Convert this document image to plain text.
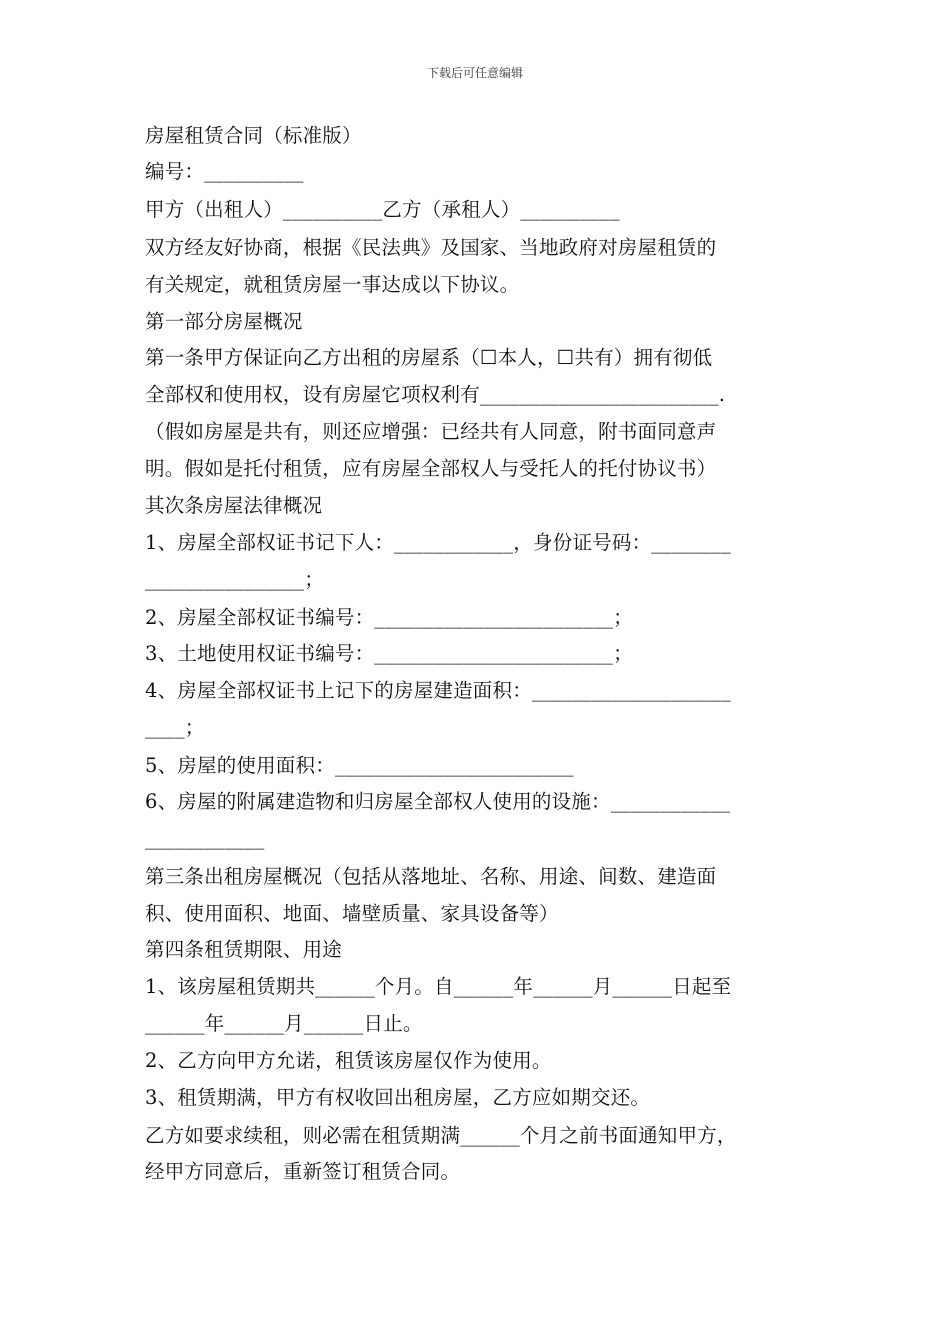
下载后可任意编辑
房屋租赁合同（标准版）
编号：__________
甲方（出租人）__________乙方（承租人）__________
双方经友好协商，根据《民法典》及国家、当地政府对房屋租赁的
有关规定，就租赁房屋一事达成以下协议。
第一部分房屋概况
第一条甲方保证向乙方出租的房屋系（☐本人，☐共有）拥有彻低
全部权和使用权，设有房屋它项权利有________________________.
（假如房屋是共有，则还应增强：已经共有人同意，附书面同意声
明。假如是托付租赁，应有房屋全部权人与受托人的托付协议书）
其次条房屋法律概况
1、房屋全部权证书记下人：____________，身份证号码：________
________________；
2、房屋全部权证书编号：________________________；
3、土地使用权证书编号：________________________；
4、房屋全部权证书上记下的房屋建造面积：____________________
____；
5、房屋的使用面积：________________________
6、房屋的附属建造物和归房屋全部权人使用的设施：____________
____________
第三条出租房屋概况（包括从落地址、名称、用途、间数、建造面
积、使用面积、地面、墙壁质量、家具设备等）
第四条租赁期限、用途
1、该房屋租赁期共______个月。自______年______月______日起至
______年______月______日止。
2、乙方向甲方允诺，租赁该房屋仅作为使用。
3、租赁期满，甲方有权收回出租房屋，乙方应如期交还。
乙方如要求续租，则必需在租赁期满______个月之前书面通知甲方，
经甲方同意后，重新签订租赁合同。
